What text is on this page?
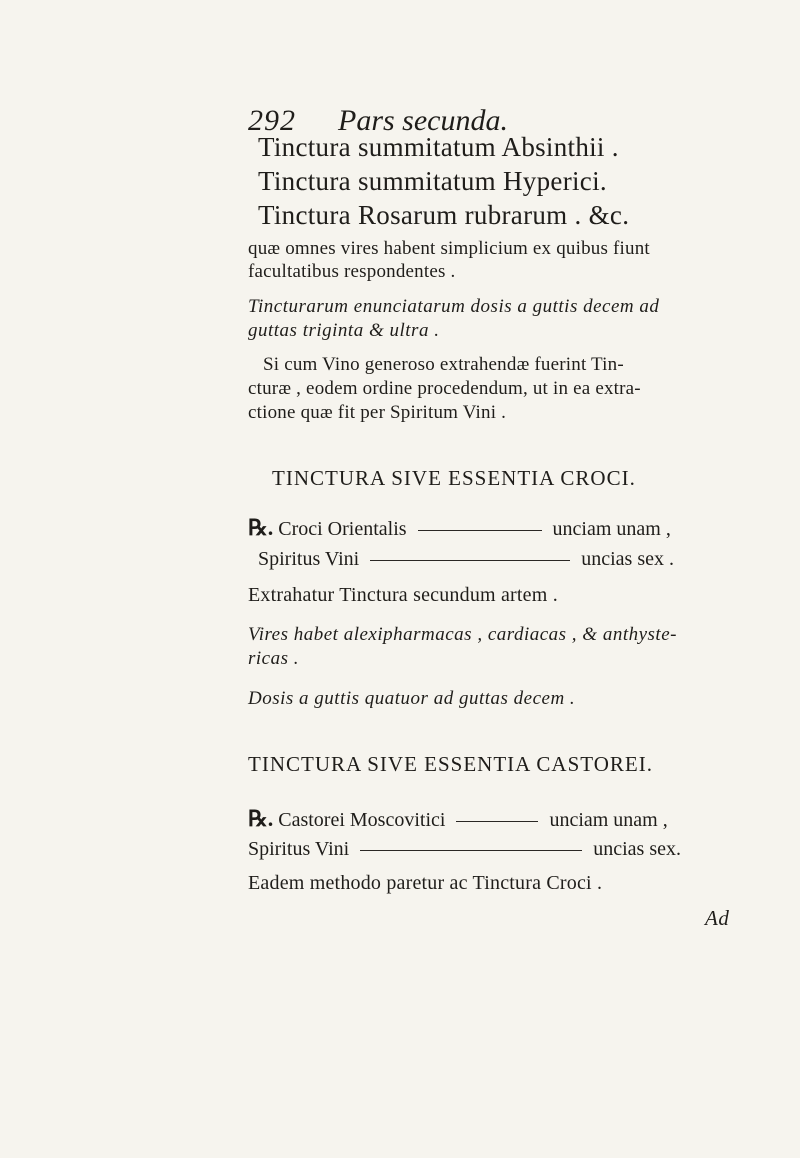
292 Pars secunda.
Tinctura summitatum Absinthii .
Tinctura summitatum Hyperici.
Tinctura Rosarum rubrarum . &c.
quæ omnes vires habent simplicium ex quibus fiunt
facultatibus respondentes .
Tincturarum enunciatarum dosis a guttis decem ad
guttas triginta & ultra .
Si cum Vino generoso extrahendæ fuerint Tin-
cturæ , eodem ordine procedendum, ut in ea extra-
ctione quæ fit per Spiritum Vini .
TINCTURA SIVE ESSENTIA CROCI.
℞. Croci Orientalis	unciam unam ,
Spiritus Vini	uncias sex .
Extrahatur Tinctura secundum artem .
Vires habet alexipharmacas , cardiacas , & anthyste-
ricas .
Dosis a guttis quatuor ad guttas decem .
TINCTURA SIVE ESSENTIA CASTOREI.
℞. Castorei Moscovitici	unciam unam ,
Spiritus Vini	uncias sex.
Eadem methodo paretur ac Tinctura Croci .
Ad
